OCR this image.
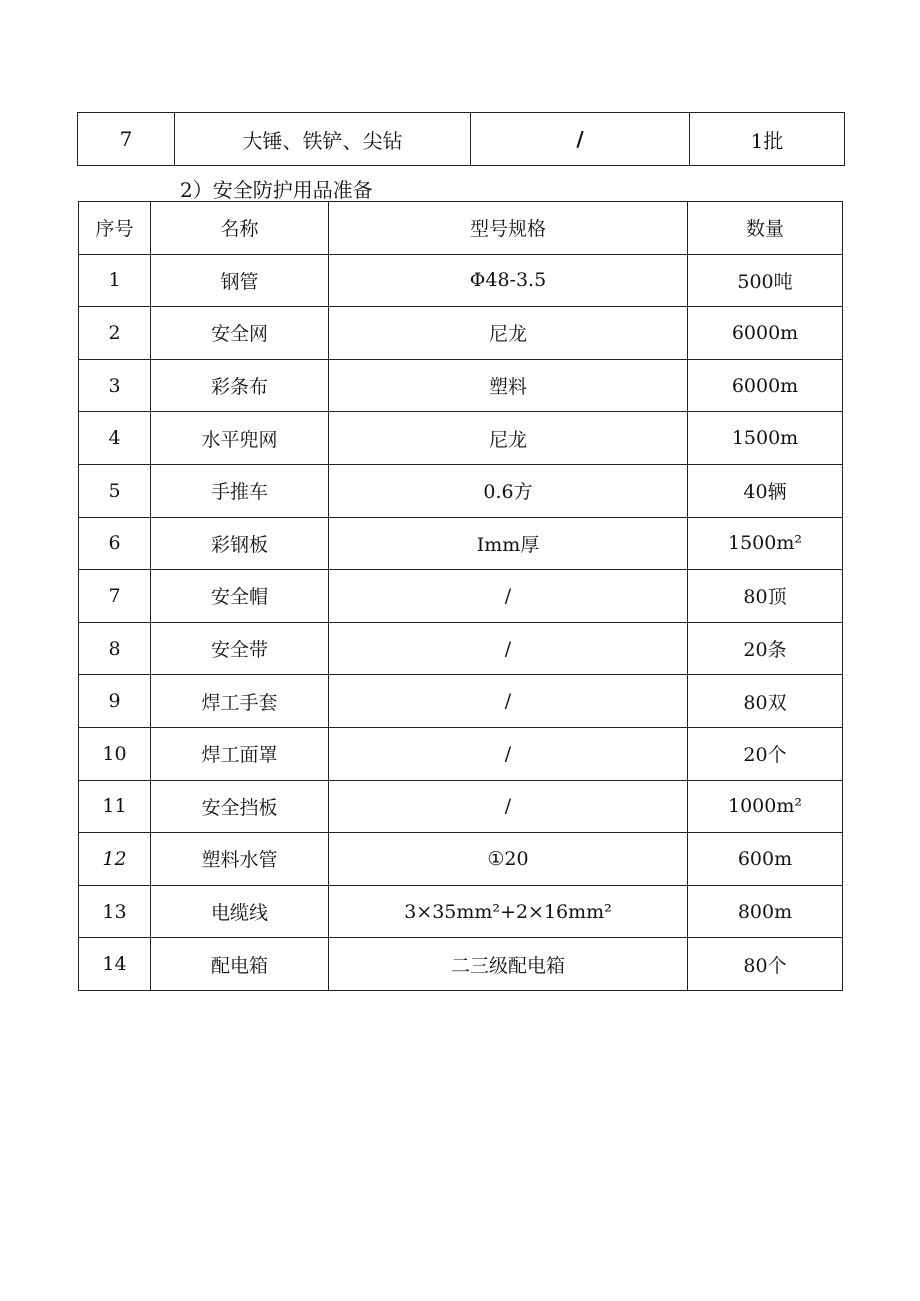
7	大锤、铁铲、尖钻	/	1批

2）安全防护用品准备

序号	名称	型号规格	数量
1	钢管	Φ48-3.5	500吨
2	安全网	尼龙	6000m
3	彩条布	塑料	6000m
4	水平兜网	尼龙	1500m
5	手推车	0.6方	40辆
6	彩钢板	Imm厚	1500m²
7	安全帽	/	80顶
8	安全带	/	20条
9	焊工手套	/	80双
10	焊工面罩	/	20个
11	安全挡板	/	1000m²
12	塑料水管	①20	600m
13	电缆线	3×35mm²+2×16mm²	800m
14	配电箱	二三级配电箱	80个
